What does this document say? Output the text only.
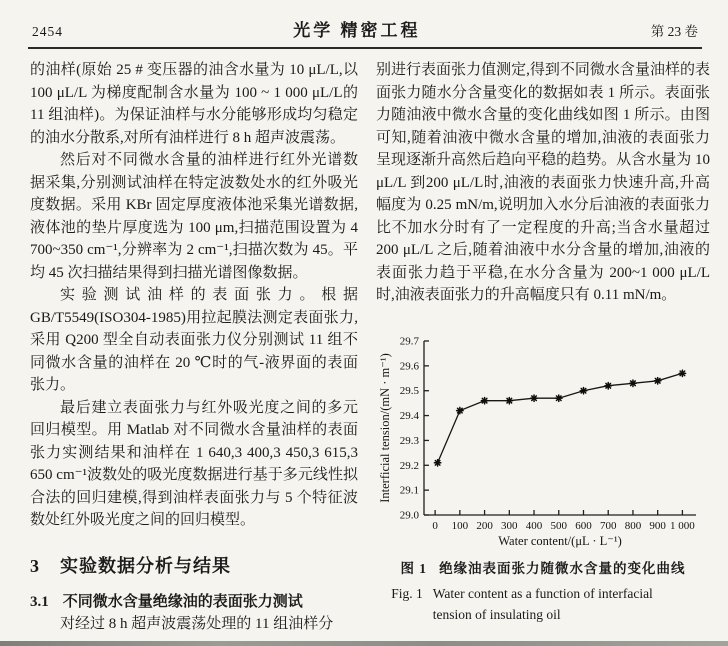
2454	光学 精密工程	第 23 卷

的油样(原始 25 # 变压器的油含水量为 10 μL/L,以 100 μL/L 为梯度配制含水量为 100 ~ 1 000 μL/L的 11 组油样)。为保证油样与水分能够形成均匀稳定的油水分散系,对所有油样进行 8 h 超声波震荡。

然后对不同微水含量的油样进行红外光谱数据采集,分别测试油样在特定波数处水的红外吸光度数据。采用 KBr 固定厚度液体池采集光谱数据,液体池的垫片厚度选为 100 μm,扫描范围设置为 4 700~350 cm⁻¹,分辨率为 2 cm⁻¹,扫描次数为 45。平均 45 次扫描结果得到扫描光谱图像数据。

实验测试油样的表面张力。根据 GB/T5549(ISO304-1985)用拉起膜法测定表面张力,采用 Q200 型全自动表面张力仪分别测试 11 组不同微水含量的油样在 20 ℃时的气-液界面的表面张力。

最后建立表面张力与红外吸光度之间的多元回归模型。用 Matlab 对不同微水含量油样的表面张力实测结果和油样在 1 640,3 400,3 450,3 615,3 650 cm⁻¹波数处的吸光度数据进行基于多元线性拟合法的回归建模,得到油样表面张力与 5 个特征波数处红外吸光度之间的回归模型。

3 实验数据分析与结果
3.1 不同微水含量绝缘油的表面张力测试

对经过 8 h 超声波震荡处理的 11 组油样分

别进行表面张力值测定,得到不同微水含量油样的表面张力随水分含量变化的数据如表 1 所示。表面张力随油液中微水含量的变化曲线如图 1 所示。由图可知,随着油液中微水含量的增加,油液的表面张力呈现逐渐升高然后趋向平稳的趋势。从含水量为 10 μL/L 到200 μL/L时,油液的表面张力快速升高,升高幅度为 0.25 mN/m,说明加入水分后油液的表面张力比不加水分时有了一定程度的升高;当含水量超过 200 μL/L 之后,随着油液中水分含量的增加,油液的表面张力趋于平稳,在水分含量为 200~1 000 μL/L 时,油液表面张力的升高幅度只有 0.11 mN/m。

29.0
29.1
29.2
29.3
29.4
29.5
29.6
29.7
0 100 200 300 400 500 600 700 800 900 1 000
Water content/(μL · L⁻¹)
Interficial tension/(mN · m⁻¹)
图 1 绝缘油表面张力随微水含量的变化曲线
Fig. 1 Water content as a function of interfacial tension of insulating oil
